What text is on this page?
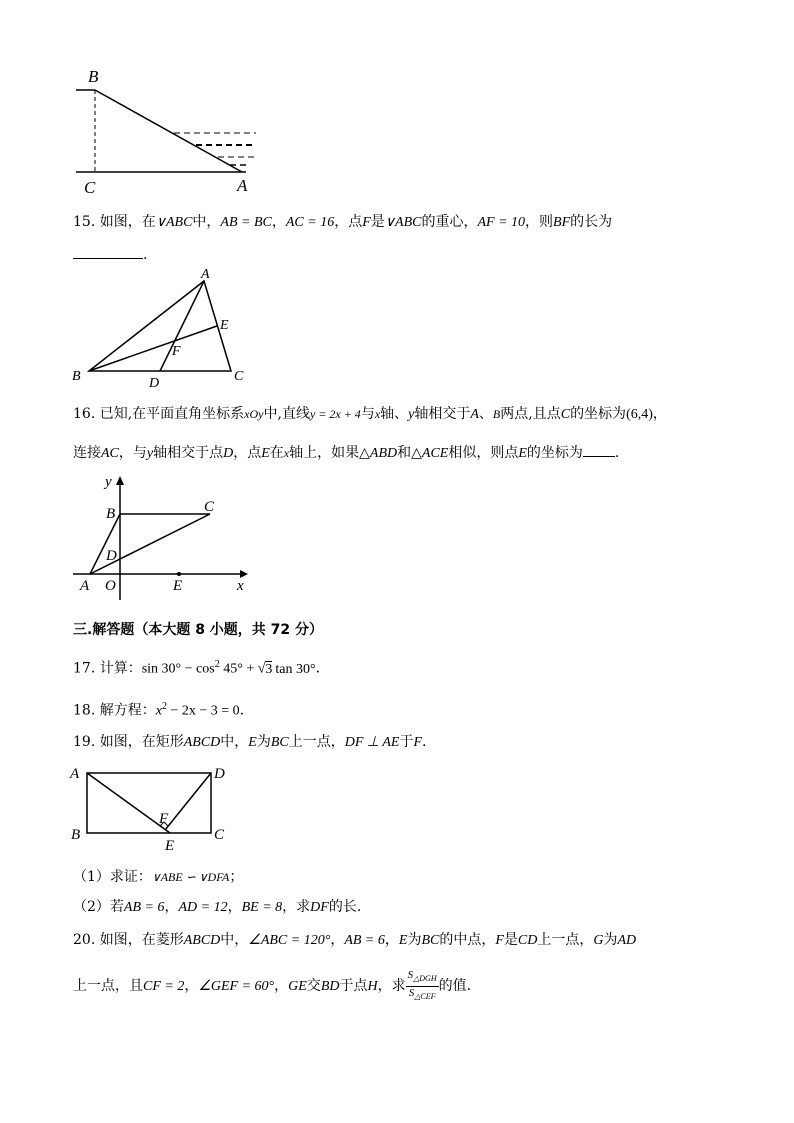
B
C	A
15. 如图，在∨ABC中，AB = BC，AC = 16，点F是∨ABC的重心，AF = 10，则BF的长为
.
A
E
F
B	D	C
16. 已知,在平面直角坐标系xOy中,直线y = 2x + 4与x轴、y轴相交于A、B两点,且点C的坐标为(6,4)，
连接AC，与y轴相交于点D，点E在x轴上，如果△ABD和△ACE相似，则点E的坐标为 .
y
B	C
D
A O	E	x
三.解答题（本大题 8 小题，共 72 分）
17. 计算：$\sin 30^\circ - \cos^2 45^\circ + √3$ tan 30°.
18. 解方程：$x^2 - 2x - 3 = 0$.
19. 如图，在矩形ABCD中，E为BC上一点，DF ⊥ AE于F.
A	D
F
B
E
C
（1）求证：∨ABE ∽ ∨DFA；
（2）若AB = 6，AD = 12，BE = 8，求DF的长.
20. 如图，在菱形ABCD中，∠ABC = 120°，AB = 6，E为BC的中点，F是CD上一点，G为AD
上一点，且CF = 2，∠GEF = 60°，GE交BD于点H，求 $\frac{S_{\triangle DGH}}{S_{\triangle CEF}}$ 的值.
